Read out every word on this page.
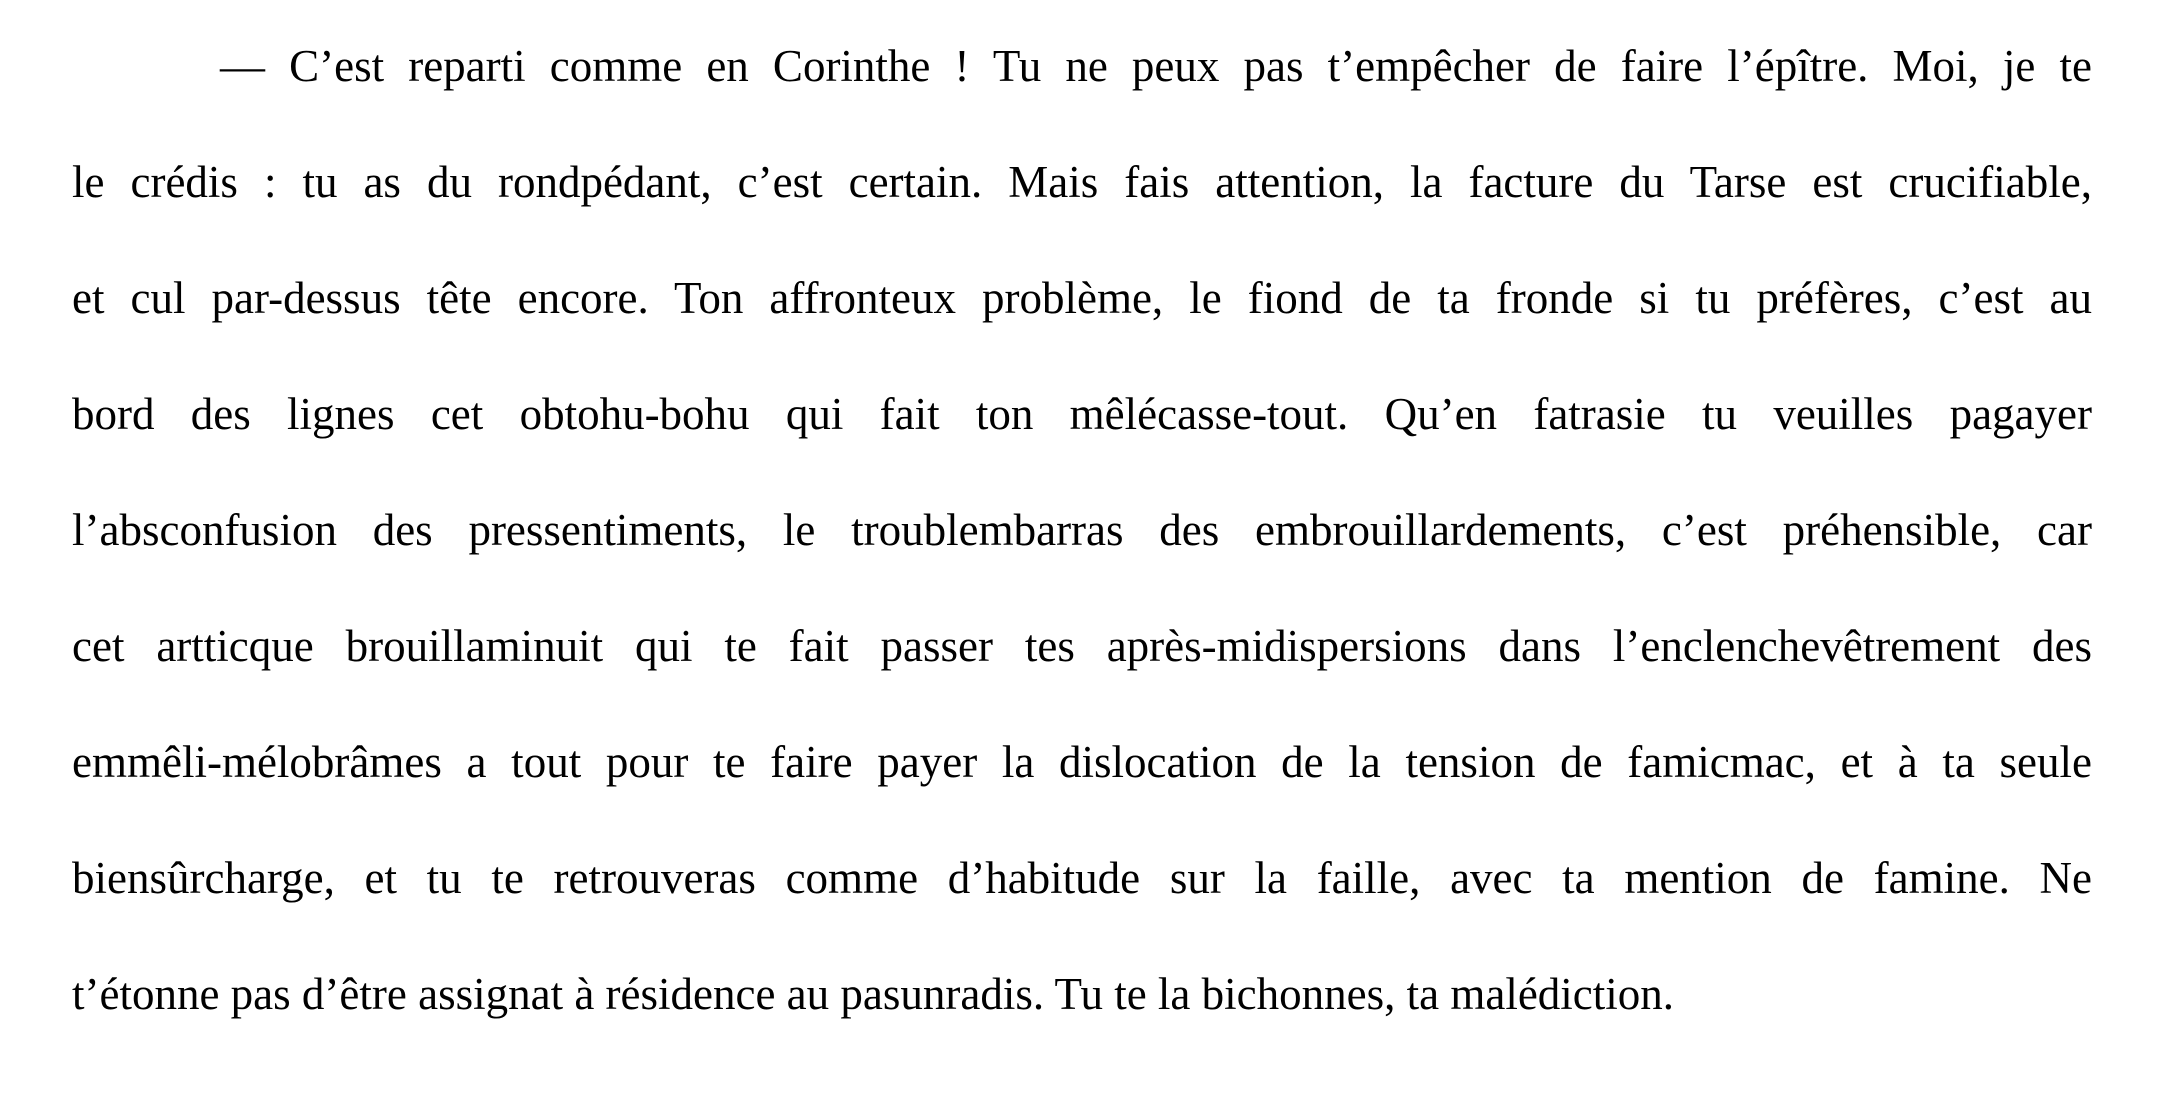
— C’est reparti comme en Corinthe ! Tu ne peux pas t’empêcher de faire l’épître. Moi, je te
le crédis : tu as du rondpédant, c’est certain. Mais fais attention, la facture du Tarse est crucifiable,
et cul par-dessus tête encore. Ton affronteux problème, le fiond de ta fronde si tu préfères, c’est au
bord des lignes cet obtohu-bohu qui fait ton mêlécasse-tout. Qu’en fatrasie tu veuilles pagayer
l’absconfusion des pressentiments, le troublembarras des embrouillardements, c’est préhensible, car
cet artticque brouillaminuit qui te fait passer tes après-midispersions dans l’enclenchevêtrement des
emmêli-mélobrâmes a tout pour te faire payer la dislocation de la tension de famicmac, et à ta seule
biensûrcharge, et tu te retrouveras comme d’habitude sur la faille, avec ta mention de famine. Ne
t’étonne pas d’être assignat à résidence au pasunradis. Tu te la bichonnes, ta malédiction.
